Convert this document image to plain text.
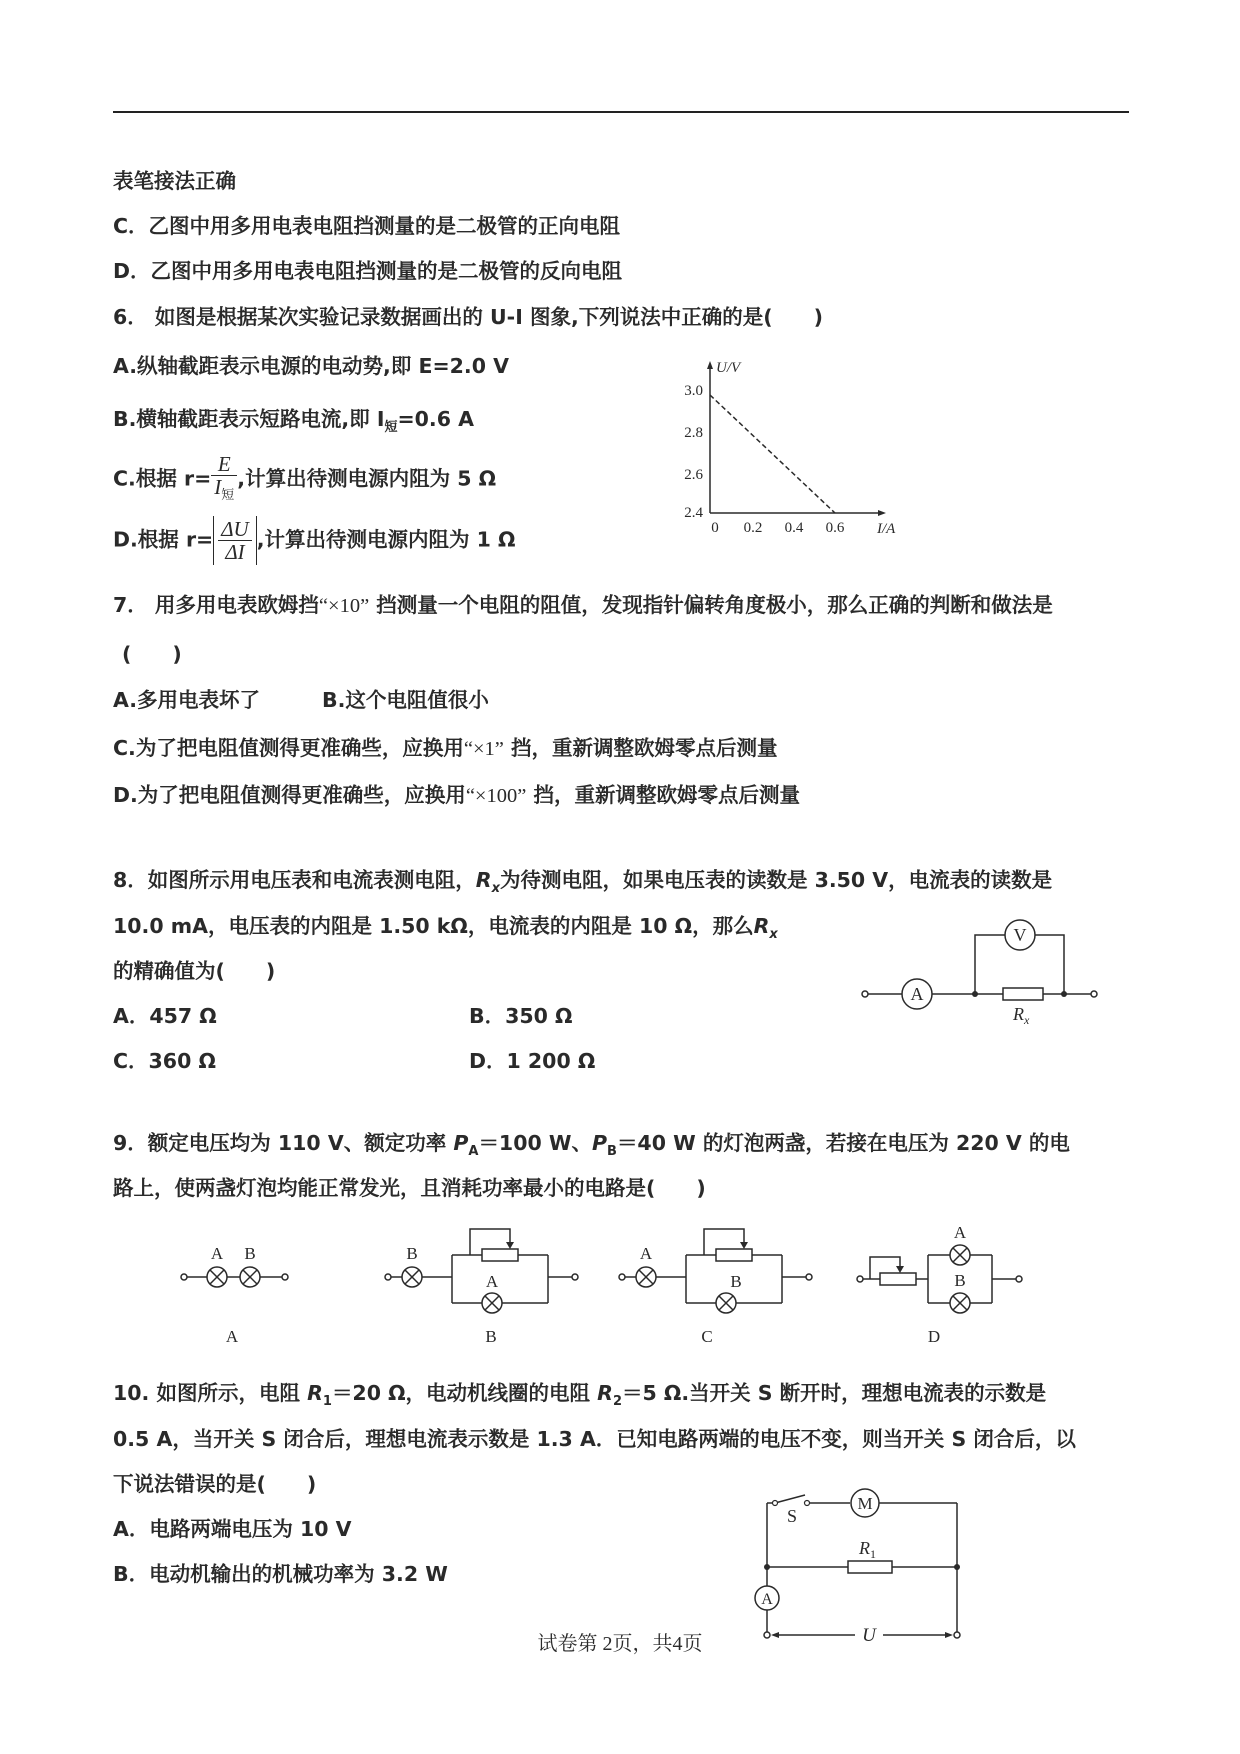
表笔接法正确
C．乙图中用多用电表电阻挡测量的是二极管的正向电阻
D．乙图中用多用电表电阻挡测量的是二极管的反向电阻
6． 如图是根据某次实验记录数据画出的 U-I 图象,下列说法中正确的是(　　)
A.纵轴截距表示电源的电动势,即 E=2.0 V
B.横轴截距表示短路电流,即 $I_短=0.6$ A
C.根据 $r= \frac{E}{I_短}$ ,计算出待测电源内阻为 5 Ω
D.根据 $r= \frac{\Delta U}{\Delta I}$ ,计算出待测电源内阻为 1 Ω
U/V
I/A
3.0
2.8
2.6
2.4
0 0.2 0.4 0.6
7． 用多用电表欧姆挡“×10” 挡测量一个电阻的阻值，发现指针偏转角度极小，那么正确的判断和做法是
(　　)
A.多用电表坏了	B.这个电阻值很小
C.为了把电阻值测得更准确些，应换用“×1” 挡，重新调整欧姆零点后测量
D.为了把电阻值测得更准确些，应换用“×100” 挡，重新调整欧姆零点后测量
8．如图所示用电压表和电流表测电阻，$R_x$为待测电阻，如果电压表的读数是 3.50 V，电流表的读数是
10.0 mA，电压表的内阻是 1.50 kΩ，电流表的内阻是 10 Ω，那么$R_x$
的精确值为(　　)
A．457 Ω	B．350 Ω
C．360 Ω	D．1 200 Ω
V
A
$R_x$
9．额定电压均为 110 V、额定功率 $P_A=100$ W、$P_B=40$ W 的灯泡两盏，若接在电压为 220 V 的电
路上，使两盏灯泡均能正常发光，且消耗功率最小的电路是(　　)
A B
A
B
A
B
A
B
C
A
B
D
10. 如图所示，电阻 $R_1=20$ Ω，电动机线圈的电阻 $R_2=5$ Ω.当开关 S 断开时，理想电流表的示数是
0.5 A，当开关 S 闭合后，理想电流表示数是 1.3 A．已知电路两端的电压不变，则当开关 S 闭合后，以
下说法错误的是(　　)
A．电路两端电压为 10 V
B．电动机输出的机械功率为 3.2 W
S
M
$R_1$
A
U
试卷第 2页，共4页
